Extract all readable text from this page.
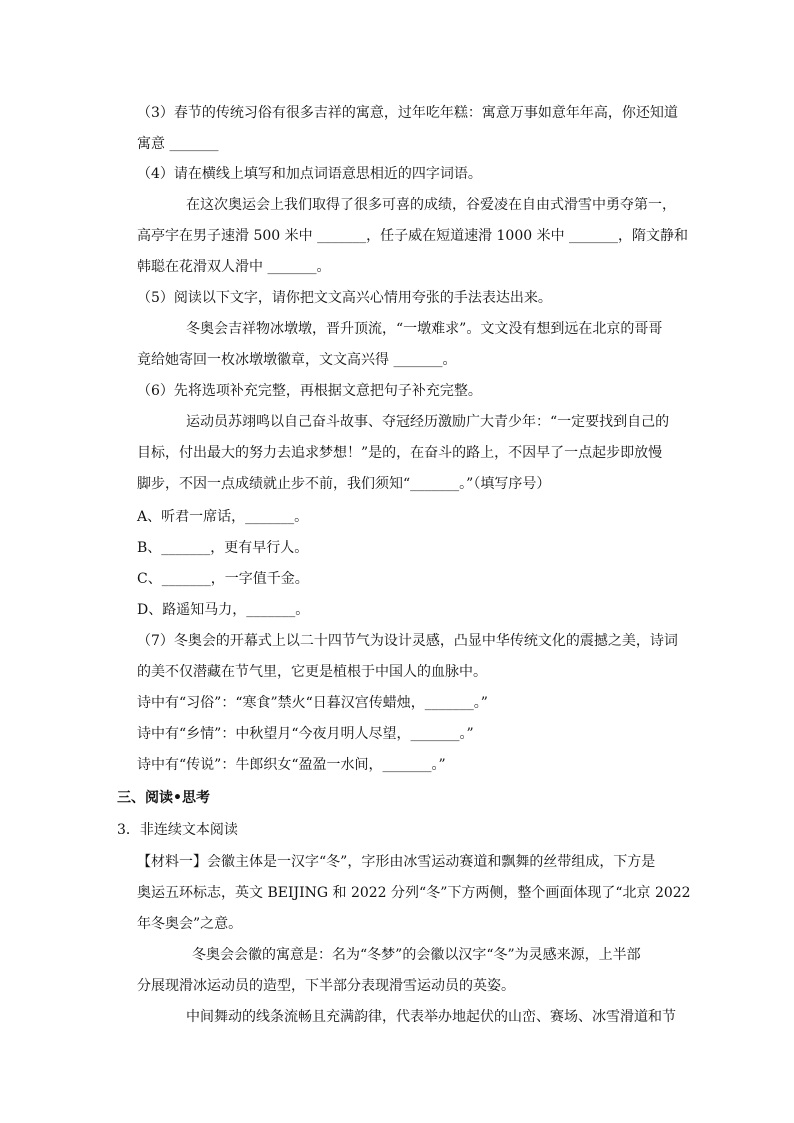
（3）春节的传统习俗有很多吉祥的寓意，过年吃年糕：寓意万事如意年年高，你还知道
寓意 _______
（4）请在横线上填写和加点词语意思相近的四字词语。
在这次奥运会上我们取得了很多可喜的成绩，谷爱凌在自由式滑雪中勇夺第一，
高亭宇在男子速滑 500 米中 _______，任子威在短道速滑 1000 米中 _______，隋文静和
韩聪在花滑双人滑中 _______。
（5）阅读以下文字，请你把文文高兴心情用夸张的手法表达出来。
冬奥会吉祥物冰墩墩，晋升顶流，“一墩难求”。文文没有想到远在北京的哥哥
竟给她寄回一枚冰墩墩徽章，文文高兴得 _______。
（6）先将选项补充完整，再根据文意把句子补充完整。
运动员苏翊鸣以自己奋斗故事、夺冠经历激励广大青少年：“一定要找到自己的
目标，付出最大的努力去追求梦想！”是的，在奋斗的路上，不因早了一点起步即放慢
脚步，不因一点成绩就止步不前，我们须知“_______。”（填写序号）
A、听君一席话，_______。
B、_______，更有早行人。
C、_______，一字值千金。
D、路遥知马力，_______。
（7）冬奥会的开幕式上以二十四节气为设计灵感，凸显中华传统文化的震撼之美，诗词
的美不仅潜藏在节气里，它更是植根于中国人的血脉中。
诗中有“习俗”：“寒食”禁火“日暮汉宫传蜡烛，_______。”
诗中有“乡情”：中秋望月“今夜月明人尽望，_______。”
诗中有“传说”：牛郎织女“盈盈一水间，_______。”
三、阅读•思考
3．非连续文本阅读
【材料一】会徽主体是一汉字“冬”，字形由冰雪运动赛道和飘舞的丝带组成，下方是
奥运五环标志，英文 BEIJING 和 2022 分列“冬”下方两侧，整个画面体现了“北京 2022
年冬奥会”之意。
冬奥会会徽的寓意是：名为“冬梦”的会徽以汉字“冬”为灵感来源，上半部
分展现滑冰运动员的造型，下半部分表现滑雪运动员的英姿。
中间舞动的线条流畅且充满韵律，代表举办地起伏的山峦、赛场、冰雪滑道和节
